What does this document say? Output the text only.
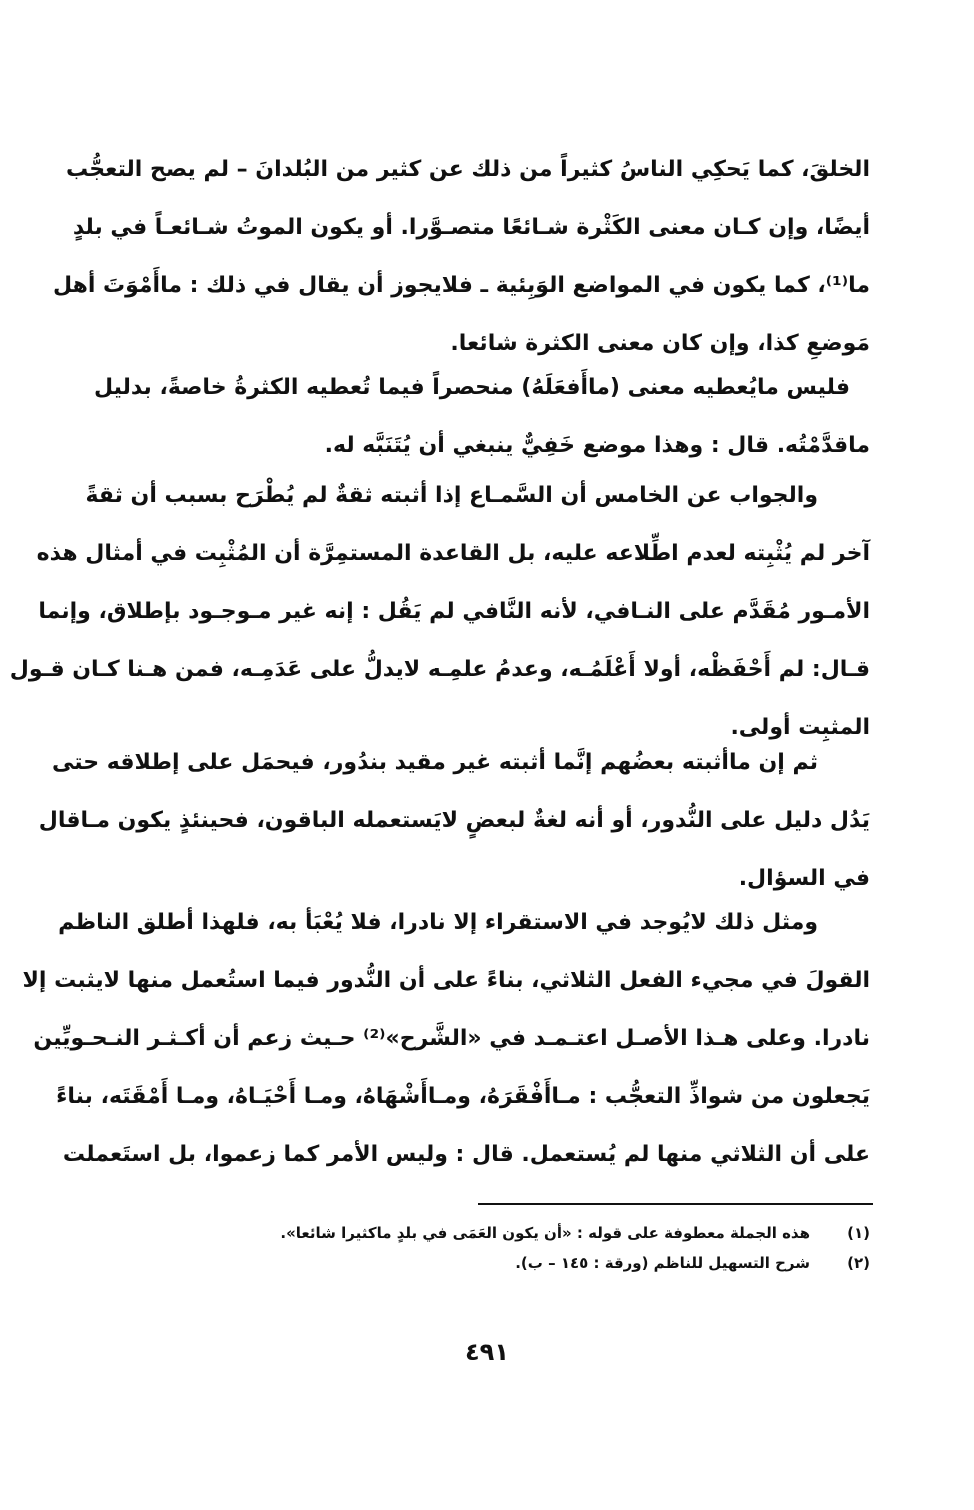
الخلقَ، كما يَحكِي الناسُ كثيراً من ذلك عن كثير من البُلدانَ – لم يصح التعجُّب
أيضًا، وإن كـان معنى الكَثْرة شـائعًا متصـوَّرا. أو يكون الموتُ شـائعـاً في بلدٍ
ما⁽¹⁾، كما يكون في المواضع الوَبِئية ـ فلايجوز أن يقال في ذلك : ماأَمْوَتَ أهل
مَوضعِ كذا، وإن كان معنى الكثرة شائعا.
فليس مايُعطيه معنى (ماأَفعَلَهُ) منحصراً فيما تُعطيه الكثرةُ خاصةً، بدليل
ماقدَّمْتُه. قال : وهذا موضع خَفِيٌّ ينبغي أن يُتَنَبَّه له.
والجواب عن الخامس أن السَّمـاع إذا أثبته ثقةٌ لم يُطْرَح بسبب أن ثقةً
آخر لم يُثْبِته لعدم اطِّلاعه عليه، بل القاعدة المستمِرَّة أن المُثْبِت في أمثال هذه
الأمـور مُقَدَّم على النـافي، لأنه النَّافي لم يَقُل : إنه غير مـوجـود بإطلاق، وإنما
قـال: لم أَحْفَظْه، أولا أَعْلَمُـه، وعدمُ علمِـه لايدلُّ على عَدَمِـه، فمن هـنا كـان قـول
المثبِت أولى.
ثم إن ماأثبته بعضُهم إنَّما أثبته غير مقيد بندُور، فيحمَل على إطلاقه حتى
يَدُل دليل على النُّدور، أو أنه لغةٌ لبعضٍ لايَستعمله الباقون، فحينئذٍ يكون مـاقال
في السؤال.
ومثل ذلك لايُوجد في الاستقراء إلا نادرا، فلا يُعْبَأ به، فلهذا أطلق الناظم
القولَ في مجيء الفعل الثلاثي، بناءً على أن النُّدور فيما استُعمل منها لايثبت إلا
نادرا. وعلى هـذا الأصـل اعتـمـد في «الشَّرح»⁽²⁾ حـيث زعم أن أكـثـر النـحـويِّين
يَجعلون من شواذِّ التعجُّب : مـاأَفْقَرَهُ، ومـاأَشْهَاهُ، ومـا أَحْيَـاهُ، ومـا أَمْقَتَه، بناءً
على أن الثلاثي منها لم يُستعمل. قال : وليس الأمر كما زعموا، بل استَعملت
(١)
هذه الجملة معطوفة على قوله : «أن يكون العَمَى في بلدٍ ماكثيرا شائعا».
(٢)
شرح التسهيل للناظم (ورقة : ١٤٥ – ب).
٤٩١
